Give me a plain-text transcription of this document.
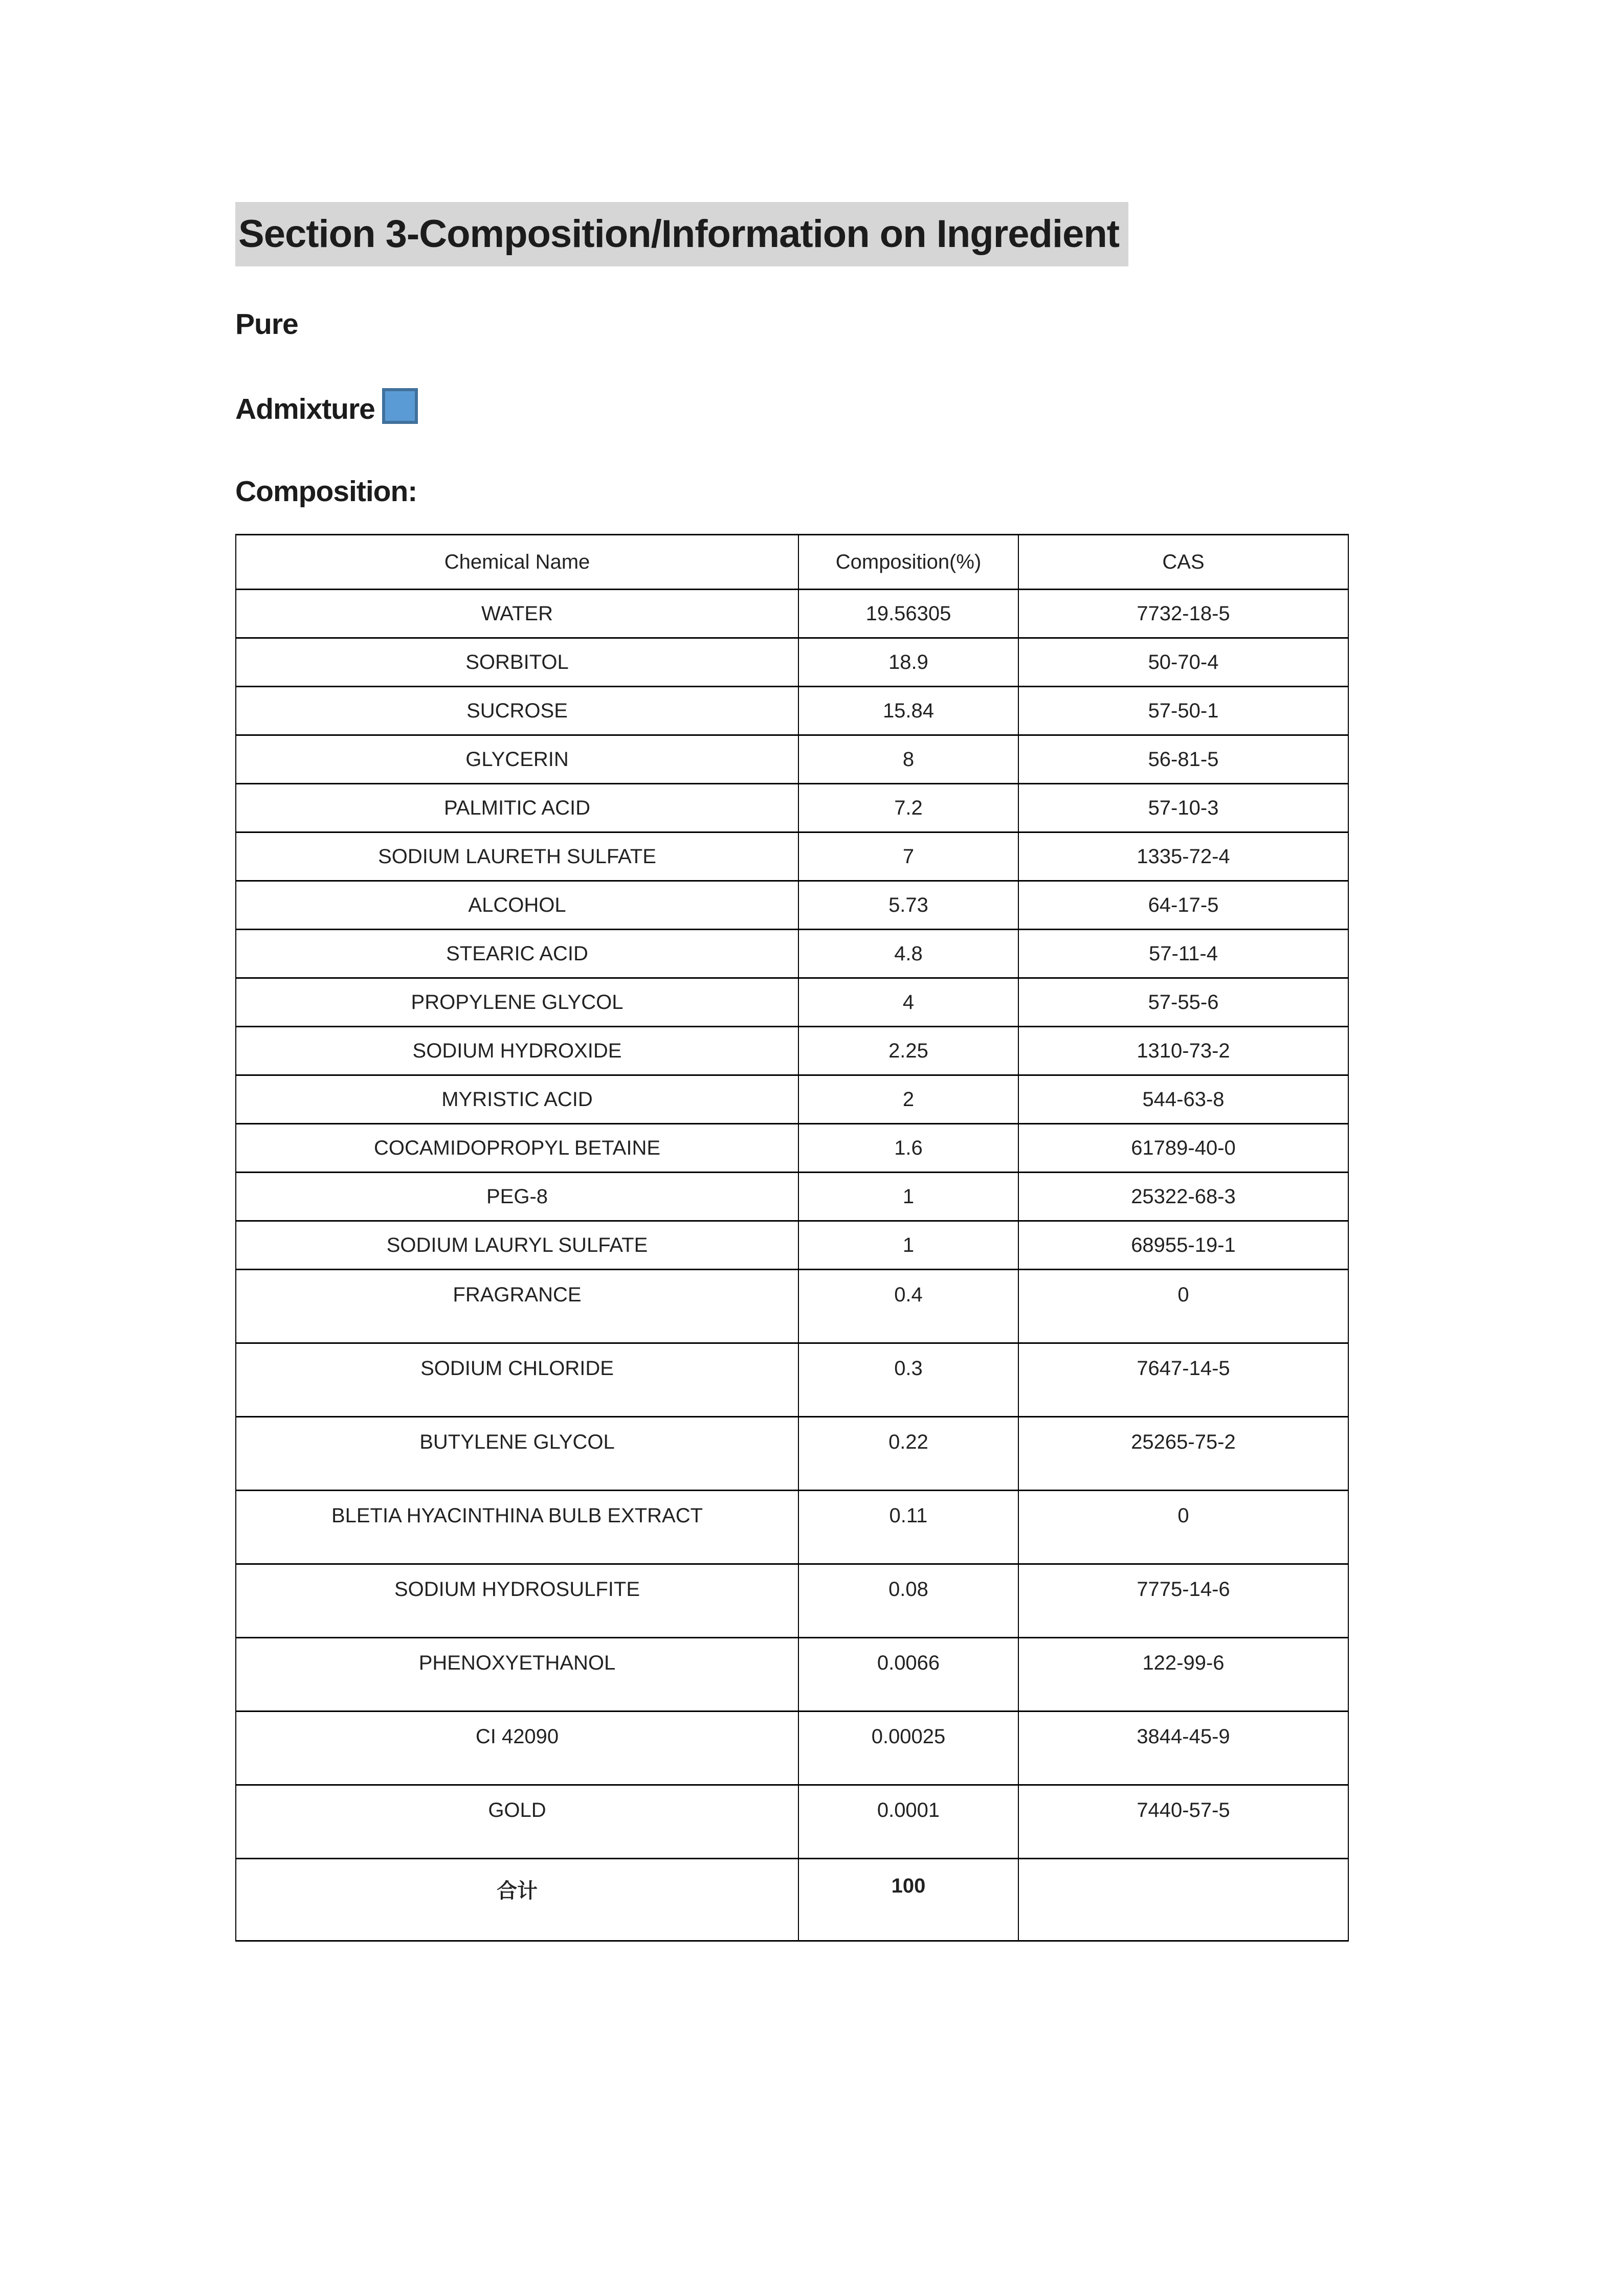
Section 3-Composition/Information on Ingredient
Pure
Admixture
Composition:
Chemical Name	Composition(%)	CAS
WATER	19.56305	7732-18-5
SORBITOL	18.9	50-70-4
SUCROSE	15.84	57-50-1
GLYCERIN	8	56-81-5
PALMITIC ACID	7.2	57-10-3
SODIUM LAURETH SULFATE	7	1335-72-4
ALCOHOL	5.73	64-17-5
STEARIC ACID	4.8	57-11-4
PROPYLENE GLYCOL	4	57-55-6
SODIUM HYDROXIDE	2.25	1310-73-2
MYRISTIC ACID	2	544-63-8
COCAMIDOPROPYL BETAINE	1.6	61789-40-0
PEG-8	1	25322-68-3
SODIUM LAURYL SULFATE	1	68955-19-1
FRAGRANCE	0.4	0
SODIUM CHLORIDE	0.3	7647-14-5
BUTYLENE GLYCOL	0.22	25265-75-2
BLETIA HYACINTHINA BULB EXTRACT	0.11	0
SODIUM HYDROSULFITE	0.08	7775-14-6
PHENOXYETHANOL	0.0066	122-99-6
CI 42090	0.00025	3844-45-9
GOLD	0.0001	7440-57-5
合计	100	
